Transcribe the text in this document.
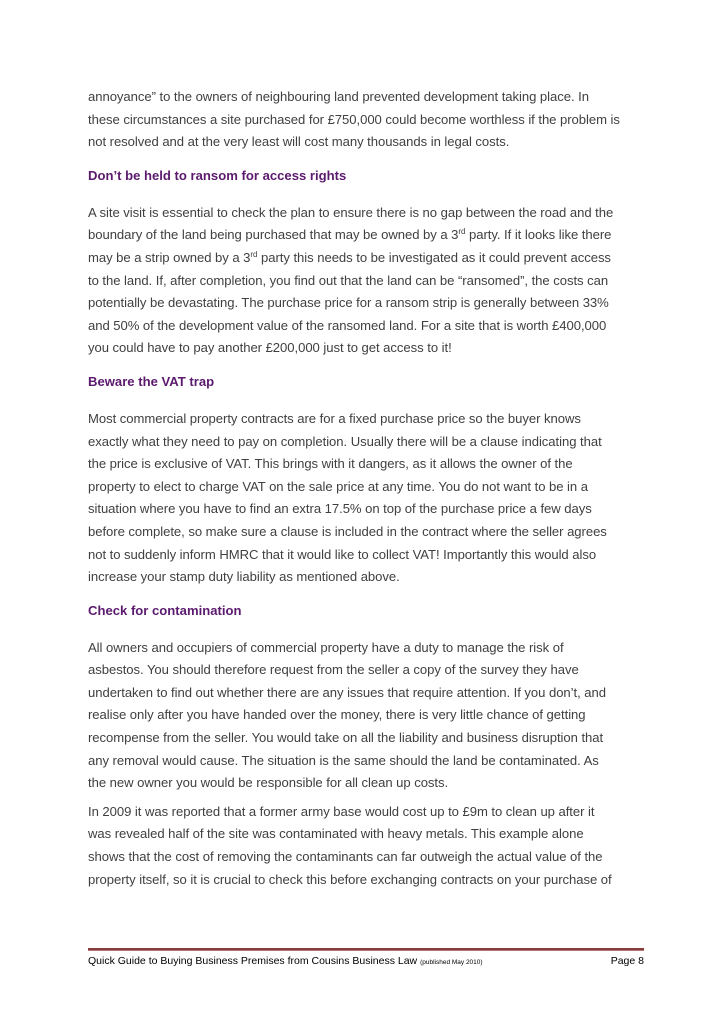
annoyance” to the owners of neighbouring land prevented development taking place. In
these circumstances a site purchased for £750,000 could become worthless if the problem is
not resolved and at the very least will cost many thousands in legal costs.

Don’t be held to ransom for access rights

A site visit is essential to check the plan to ensure there is no gap between the road and the
boundary of the land being purchased that may be owned by a 3rd party. If it looks like there
may be a strip owned by a 3rd party this needs to be investigated as it could prevent access
to the land. If, after completion, you find out that the land can be “ransomed”, the costs can
potentially be devastating. The purchase price for a ransom strip is generally between 33%
and 50% of the development value of the ransomed land. For a site that is worth £400,000
you could have to pay another £200,000 just to get access to it!

Beware the VAT trap

Most commercial property contracts are for a fixed purchase price so the buyer knows
exactly what they need to pay on completion. Usually there will be a clause indicating that
the price is exclusive of VAT. This brings with it dangers, as it allows the owner of the
property to elect to charge VAT on the sale price at any time. You do not want to be in a
situation where you have to find an extra 17.5% on top of the purchase price a few days
before complete, so make sure a clause is included in the contract where the seller agrees
not to suddenly inform HMRC that it would like to collect VAT! Importantly this would also
increase your stamp duty liability as mentioned above.

Check for contamination

All owners and occupiers of commercial property have a duty to manage the risk of
asbestos. You should therefore request from the seller a copy of the survey they have
undertaken to find out whether there are any issues that require attention. If you don’t, and
realise only after you have handed over the money, there is very little chance of getting
recompense from the seller. You would take on all the liability and business disruption that
any removal would cause. The situation is the same should the land be contaminated. As
the new owner you would be responsible for all clean up costs.

In 2009 it was reported that a former army base would cost up to £9m to clean up after it
was revealed half of the site was contaminated with heavy metals. This example alone
shows that the cost of removing the contaminants can far outweigh the actual value of the
property itself, so it is crucial to check this before exchanging contracts on your purchase of

Quick Guide to Buying Business Premises from Cousins Business Law (published May 2010)	Page 8
